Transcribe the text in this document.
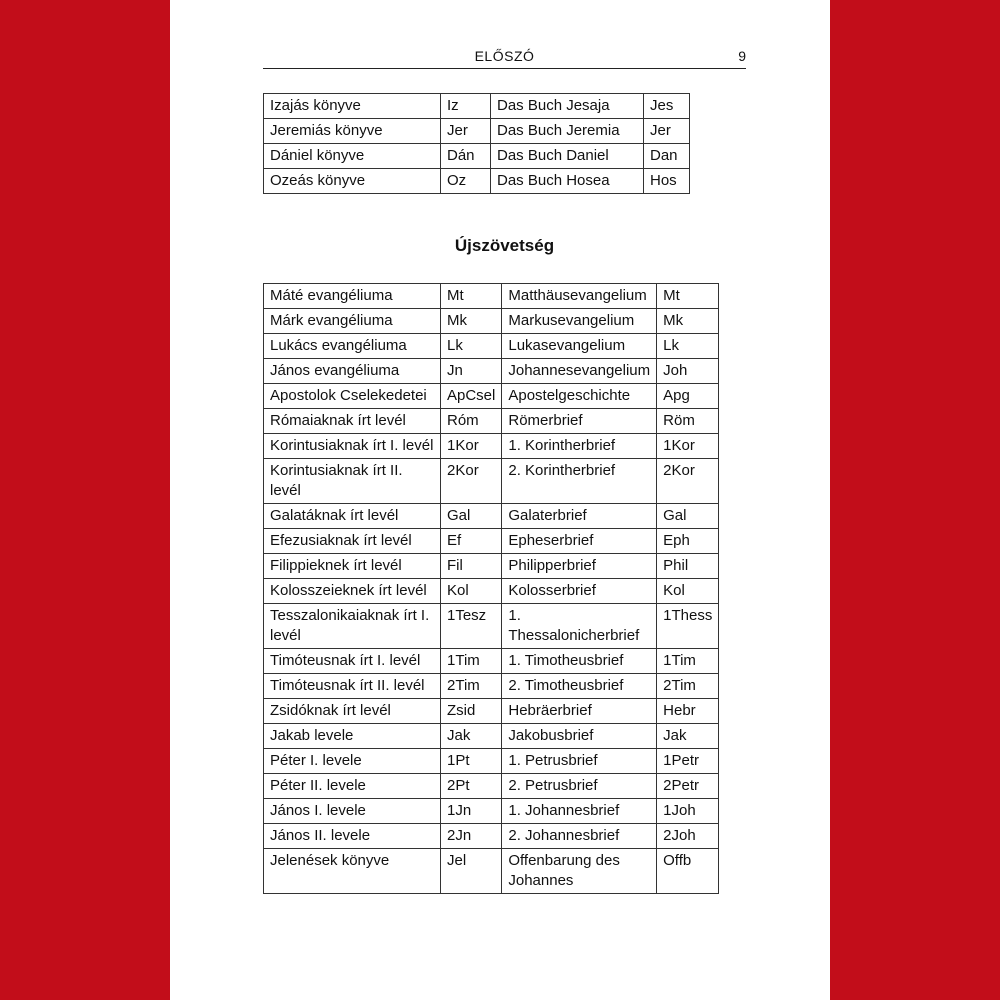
ELŐSZÓ	9
Izajás könyve	Iz	Das Buch Jesaja	Jes
Jeremiás könyve	Jer	Das Buch Jeremia	Jer
Dániel könyve	Dán	Das Buch Daniel	Dan
Ozeás könyve	Oz	Das Buch Hosea	Hos
Újszövetség
Máté evangéliuma	Mt	Matthäusevangelium	Mt
Márk evangéliuma	Mk	Markusevangelium	Mk
Lukács evangéliuma	Lk	Lukasevangelium	Lk
János evangéliuma	Jn	Johannesevangelium	Joh
Apostolok Cselekedetei	ApCsel	Apostelgeschichte	Apg
Rómaiaknak írt levél	Róm	Römerbrief	Röm
Korintusiaknak írt I. levél	1Kor	1. Korintherbrief	1Kor
Korintusiaknak írt II. levél	2Kor	2. Korintherbrief	2Kor
Galatáknak írt levél	Gal	Galaterbrief	Gal
Efezusiaknak írt levél	Ef	Epheserbrief	Eph
Filippieknek írt levél	Fil	Philipperbrief	Phil
Kolosszeieknek írt levél	Kol	Kolosserbrief	Kol
Tesszalonikaiaknak írt I. levél	1Tesz	1. Thessalonicherbrief	1Thess
Timóteusnak írt I. levél	1Tim	1. Timotheusbrief	1Tim
Timóteusnak írt II. levél	2Tim	2. Timotheusbrief	2Tim
Zsidóknak írt levél	Zsid	Hebräerbrief	Hebr
Jakab levele	Jak	Jakobusbrief	Jak
Péter I. levele	1Pt	1. Petrusbrief	1Petr
Péter II. levele	2Pt	2. Petrusbrief	2Petr
János I. levele	1Jn	1. Johannesbrief	1Joh
János II. levele	2Jn	2. Johannesbrief	2Joh
Jelenések könyve	Jel	Offenbarung des Johannes	Offb
